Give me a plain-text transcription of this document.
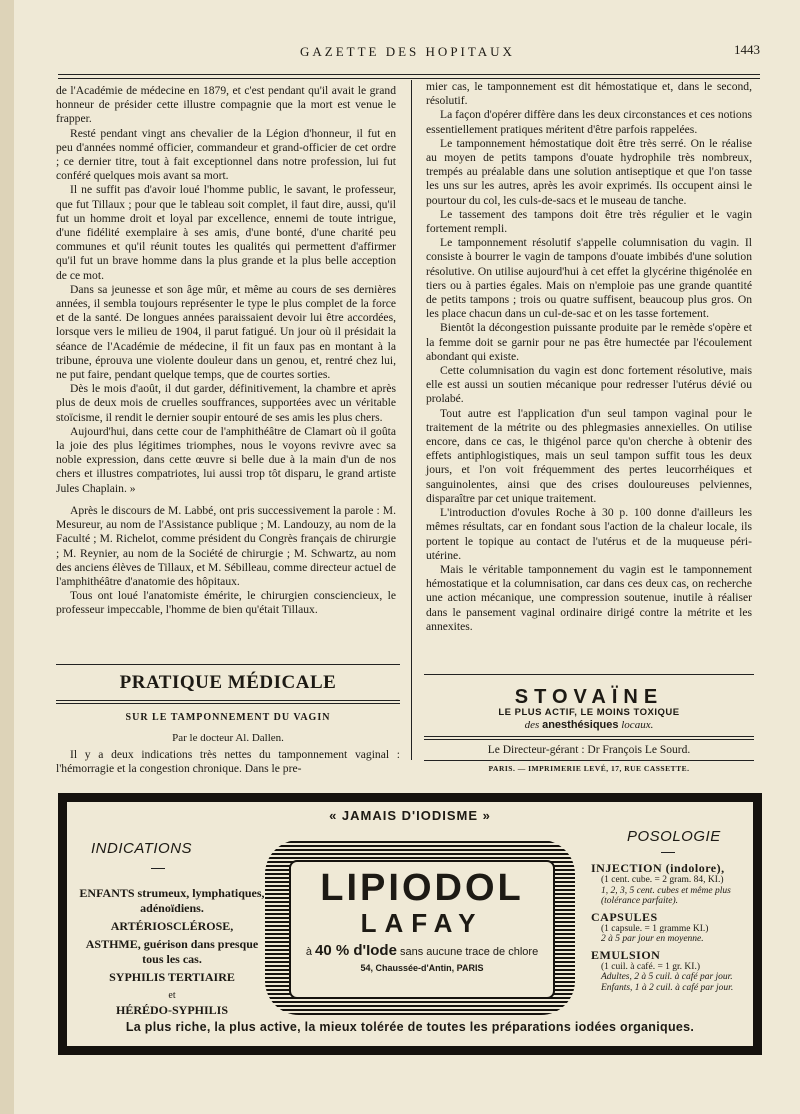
GAZETTE DES HOPITAUX	1443

de l'Académie de médecine en 1879, et c'est pendant qu'il avait le grand honneur de présider cette illustre compagnie que la mort est venue le frapper.

Resté pendant vingt ans chevalier de la Légion d'honneur, il fut en peu d'années nommé officier, commandeur et grand-officier de cet ordre ; ce dernier titre, tout à fait exceptionnel dans notre profession, lui fut conféré quelques mois avant sa mort.

Il ne suffit pas d'avoir loué l'homme public, le savant, le professeur, que fut Tillaux ; pour que le tableau soit complet, il faut dire, aussi, qu'il fut un homme droit et loyal par excellence, ennemi de toute intrigue, d'une fidélité exemplaire à ses amis, d'une bonté, d'une charité peu communes et qu'il réunit toutes les qualités qui permettent d'affirmer qu'il fut un brave homme dans la plus grande et la plus belle acception de ce mot.

Dans sa jeunesse et son âge mûr, et même au cours de ses dernières années, il sembla toujours représenter le type le plus complet de la force et de la santé. De longues années paraissaient devoir lui être accordées, lorsque vers le milieu de 1904, il parut fatigué. Un jour où il présidait la séance de l'Académie de médecine, il fit un faux pas en montant à la tribune, éprouva une violente douleur dans un genou, et, rentré chez lui, ne put faire, pendant quelque temps, que de courtes sorties.

Dès le mois d'août, il dut garder, définitivement, la chambre et après plus de deux mois de cruelles souffrances, supportées avec un véritable stoïcisme, il rendit le dernier soupir entouré de ses amis les plus chers.

Aujourd'hui, dans cette cour de l'amphithéâtre de Clamart où il goûta la joie des plus légitimes triomphes, nous le voyons revivre avec sa noble expression, dans cette œuvre si belle due à la main d'un de nos chers et illustres compatriotes, lui aussi trop tôt disparu, le grand artiste Jules Chaplain. »

Après le discours de M. Labbé, ont pris successivement la parole : M. Mesureur, au nom de l'Assistance publique ; M. Landouzy, au nom de la Faculté ; M. Richelot, comme président du Congrès français de chirurgie ; M. Reynier, au nom de la Société de chirurgie ; M. Schwartz, au nom des anciens élèves de Tillaux, et M. Sébilleau, comme directeur actuel de l'amphithéâtre d'anatomie des hôpitaux.

Tous ont loué l'anatomiste émérite, le chirurgien consciencieux, le professeur impeccable, l'homme de bien qu'était Tillaux.

PRATIQUE MÉDICALE
SUR LE TAMPONNEMENT DU VAGIN
Par le docteur Al. Dallen.

Il y a deux indications très nettes du tamponnement vaginal : l'hémorragie et la congestion chronique. Dans le pre-

mier cas, le tamponnement est dit hémostatique et, dans le second, résolutif.

La façon d'opérer diffère dans les deux circonstances et ces notions essentiellement pratiques méritent d'être parfois rappelées.

Le tamponnement hémostatique doit être très serré. On le réalise au moyen de petits tampons d'ouate hydrophile très nombreux, trempés au préalable dans une solution antiseptique et que l'on tasse les uns sur les autres, après les avoir exprimés. Ils occupent ainsi le pourtour du col, les culs-de-sacs et le museau de tanche.

Le tassement des tampons doit être très régulier et le vagin fortement rempli.

Le tamponnement résolutif s'appelle columnisation du vagin. Il consiste à bourrer le vagin de tampons d'ouate imbibés d'une solution résolutive. On utilise aujourd'hui à cet effet la glycérine thigénolée en tiers ou à parties égales. Mais on n'emploie pas une grande quantité de petits tampons ; trois ou quatre suffisent, beaucoup plus gros. On les place chacun dans un cul-de-sac et on les tasse fortement.

Bientôt la décongestion puissante produite par le remède s'opère et la femme doit se garnir pour ne pas être humectée par l'écoulement abondant qui existe.

Cette columnisation du vagin est donc fortement résolutive, mais elle est aussi un soutien mécanique pour redresser l'utérus dévié ou prolabé.

Tout autre est l'application d'un seul tampon vaginal pour le traitement de la métrite ou des phlegmasies annexielles. On utilise encore, dans ce cas, le thigénol parce qu'on cherche à obtenir des effets antiphlogistiques, mais un seul tampon suffit tous les deux jours, et l'on voit fréquemment des pertes leucorrhéiques et sanguinolentes, ainsi que des crises douloureuses pelviennes, disparaître par cet unique traitement.

L'introduction d'ovules Roche à 30 p. 100 donne d'ailleurs les mêmes résultats, car en fondant sous l'action de la chaleur locale, ils portent le topique au contact de l'utérus et de la muqueuse péri-utérine.

Mais le véritable tamponnement du vagin est le tamponnement hémostatique et la columnisation, car dans ces deux cas, on recherche une action mécanique, une compression soutenue, inutile à réaliser dans le pansement vaginal ordinaire dirigé contre la métrite et les annexites.

STOVAÏNE
LE PLUS ACTIF, LE MOINS TOXIQUE
des anesthésiques locaux.
Le Directeur-gérant : Dr François Le Sourd.
PARIS. — IMPRIMERIE LEVÉ, 17, RUE CASSETTE.
« JAMAIS D'IODISME »
INDICATIONS
ENFANTS strumeux, lymphatiques, adénoïdiens.
ARTÉRIOSCLÉROSE,
ASTHME, guérison dans presque tous les cas.
SYPHILIS TERTIAIRE
et
HÉRÉDO-SYPHILIS
LIPIODOL
LAFAY
à 40 % d'Iode sans aucune trace de chlore
54, Chaussée-d'Antin, PARIS
POSOLOGIE
INJECTION (indolore),
(1 cent. cube. = 2 gram. 84, KI.)
1, 2, 3, 5 cent. cubes et même plus (tolérance parfaite).
CAPSULES
(1 capsule. = 1 gramme KI.)
2 à 5 par jour en moyenne.
EMULSION
(1 cuil. à café. = 1 gr. KI.)
Adultes, 2 à 5 cuil. à café par jour.
Enfants, 1 à 2 cuil. à café par jour.
La plus riche, la plus active, la mieux tolérée de toutes les préparations iodées organiques.
